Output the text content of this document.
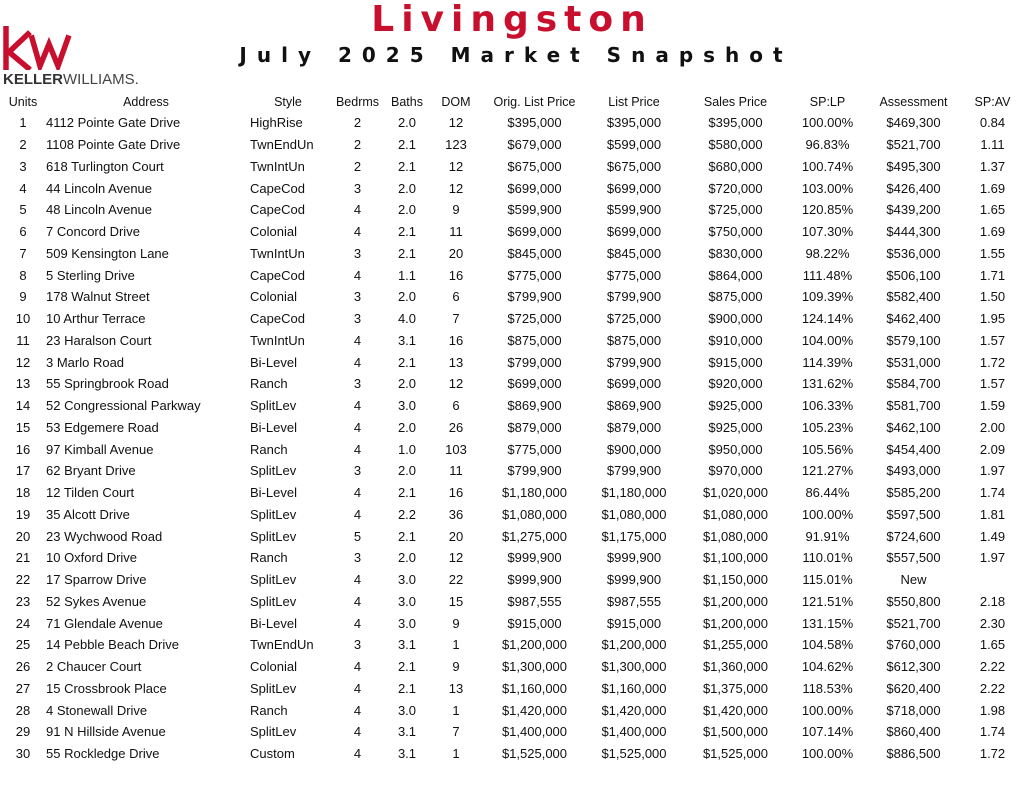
KELLERWILLIAMS.
Livingston
July 2025 Market Snapshot
Units	Address	Style	Bedrms	Baths	DOM	Orig. List Price	List Price	Sales Price	SP:LP	Assessment	SP:AV
1	4112 Pointe Gate Drive	HighRise	2	2.0	12	$395,000	$395,000	$395,000	100.00%	$469,300	0.84
2	1108 Pointe Gate Drive	TwnEndUn	2	2.1	123	$679,000	$599,000	$580,000	96.83%	$521,700	1.11
3	618 Turlington Court	TwnIntUn	2	2.1	12	$675,000	$675,000	$680,000	100.74%	$495,300	1.37
4	44 Lincoln Avenue	CapeCod	3	2.0	12	$699,000	$699,000	$720,000	103.00%	$426,400	1.69
5	48 Lincoln Avenue	CapeCod	4	2.0	9	$599,900	$599,900	$725,000	120.85%	$439,200	1.65
6	7 Concord Drive	Colonial	4	2.1	11	$699,000	$699,000	$750,000	107.30%	$444,300	1.69
7	509 Kensington Lane	TwnIntUn	3	2.1	20	$845,000	$845,000	$830,000	98.22%	$536,000	1.55
8	5 Sterling Drive	CapeCod	4	1.1	16	$775,000	$775,000	$864,000	111.48%	$506,100	1.71
9	178 Walnut Street	Colonial	3	2.0	6	$799,900	$799,900	$875,000	109.39%	$582,400	1.50
10	10 Arthur Terrace	CapeCod	3	4.0	7	$725,000	$725,000	$900,000	124.14%	$462,400	1.95
11	23 Haralson Court	TwnIntUn	4	3.1	16	$875,000	$875,000	$910,000	104.00%	$579,100	1.57
12	3 Marlo Road	Bi-Level	4	2.1	13	$799,000	$799,900	$915,000	114.39%	$531,000	1.72
13	55 Springbrook Road	Ranch	3	2.0	12	$699,000	$699,000	$920,000	131.62%	$584,700	1.57
14	52 Congressional Parkway	SplitLev	4	3.0	6	$869,900	$869,900	$925,000	106.33%	$581,700	1.59
15	53 Edgemere Road	Bi-Level	4	2.0	26	$879,000	$879,000	$925,000	105.23%	$462,100	2.00
16	97 Kimball Avenue	Ranch	4	1.0	103	$775,000	$900,000	$950,000	105.56%	$454,400	2.09
17	62 Bryant Drive	SplitLev	3	2.0	11	$799,900	$799,900	$970,000	121.27%	$493,000	1.97
18	12 Tilden Court	Bi-Level	4	2.1	16	$1,180,000	$1,180,000	$1,020,000	86.44%	$585,200	1.74
19	35 Alcott Drive	SplitLev	4	2.2	36	$1,080,000	$1,080,000	$1,080,000	100.00%	$597,500	1.81
20	23 Wychwood Road	SplitLev	5	2.1	20	$1,275,000	$1,175,000	$1,080,000	91.91%	$724,600	1.49
21	10 Oxford Drive	Ranch	3	2.0	12	$999,900	$999,900	$1,100,000	110.01%	$557,500	1.97
22	17 Sparrow Drive	SplitLev	4	3.0	22	$999,900	$999,900	$1,150,000	115.01%	New	
23	52 Sykes Avenue	SplitLev	4	3.0	15	$987,555	$987,555	$1,200,000	121.51%	$550,800	2.18
24	71 Glendale Avenue	Bi-Level	4	3.0	9	$915,000	$915,000	$1,200,000	131.15%	$521,700	2.30
25	14 Pebble Beach Drive	TwnEndUn	3	3.1	1	$1,200,000	$1,200,000	$1,255,000	104.58%	$760,000	1.65
26	2 Chaucer Court	Colonial	4	2.1	9	$1,300,000	$1,300,000	$1,360,000	104.62%	$612,300	2.22
27	15 Crossbrook Place	SplitLev	4	2.1	13	$1,160,000	$1,160,000	$1,375,000	118.53%	$620,400	2.22
28	4 Stonewall Drive	Ranch	4	3.0	1	$1,420,000	$1,420,000	$1,420,000	100.00%	$718,000	1.98
29	91 N Hillside Avenue	SplitLev	4	3.1	7	$1,400,000	$1,400,000	$1,500,000	107.14%	$860,400	1.74
30	55 Rockledge Drive	Custom	4	3.1	1	$1,525,000	$1,525,000	$1,525,000	100.00%	$886,500	1.72
